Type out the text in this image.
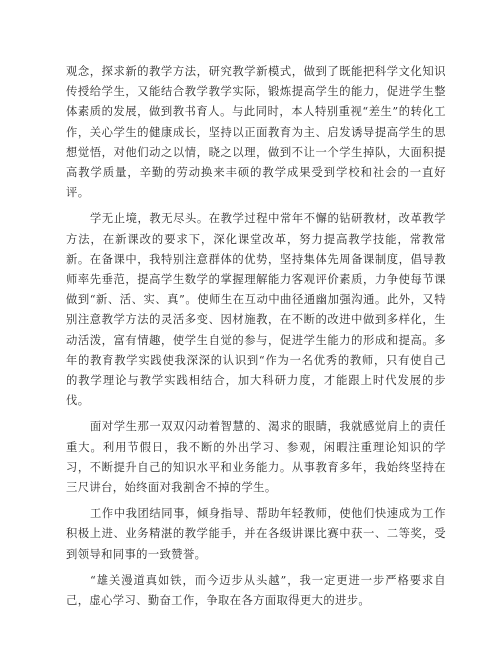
观念，探求新的教学方法，研究教学新模式，做到了既能把科学文化知识传授给学生，又能结合教学教学实际，锻炼提高学生的能力，促进学生整体素质的发展，做到教书育人。与此同时，本人特别重视“差生”的转化工作，关心学生的健康成长，坚持以正面教育为主、启发诱导提高学生的思想觉悟，对他们动之以情，晓之以理，做到不让一个学生掉队，大面积提高教学质量，辛勤的劳动换来丰硕的教学成果受到学校和社会的一直好评。

学无止境，教无尽头。在教学过程中常年不懈的钻研教材，改革教学方法，在新课改的要求下，深化课堂改革，努力提高教学技能，常教常新。在备课中，我特别注意群体的优势，坚持集体先周备课制度，倡导教师率先垂范，提高学生数学的掌握理解能力客观评价素质，力争使每节课做到“新、活、实、真”。使师生在互动中曲径通幽加强沟通。此外，又特别注意教学方法的灵活多变、因材施教，在不断的改进中做到多样化，生动活泼，富有情趣，使学生自觉的参与，促进学生能力的形成和提高。多年的教育教学实践使我深深的认识到“作为一名优秀的教师，只有使自己的教学理论与教学实践相结合，加大科研力度，才能跟上时代发展的步伐。

面对学生那一双双闪动着智慧的、渴求的眼睛，我就感觉肩上的责任重大。利用节假日，我不断的外出学习、参观，闲暇注重理论知识的学习，不断提升自己的知识水平和业务能力。从事教育多年，我始终坚持在三尺讲台，始终面对我割舍不掉的学生。

工作中我团结同事，倾身指导、帮助年轻教师，使他们快速成为工作积极上进、业务精湛的教学能手，并在各级讲课比赛中获一、二等奖，受到领导和同事的一致赞誉。

“雄关漫道真如铁，而今迈步从头越”，我一定更进一步严格要求自己，虚心学习、勤奋工作，争取在各方面取得更大的进步。
